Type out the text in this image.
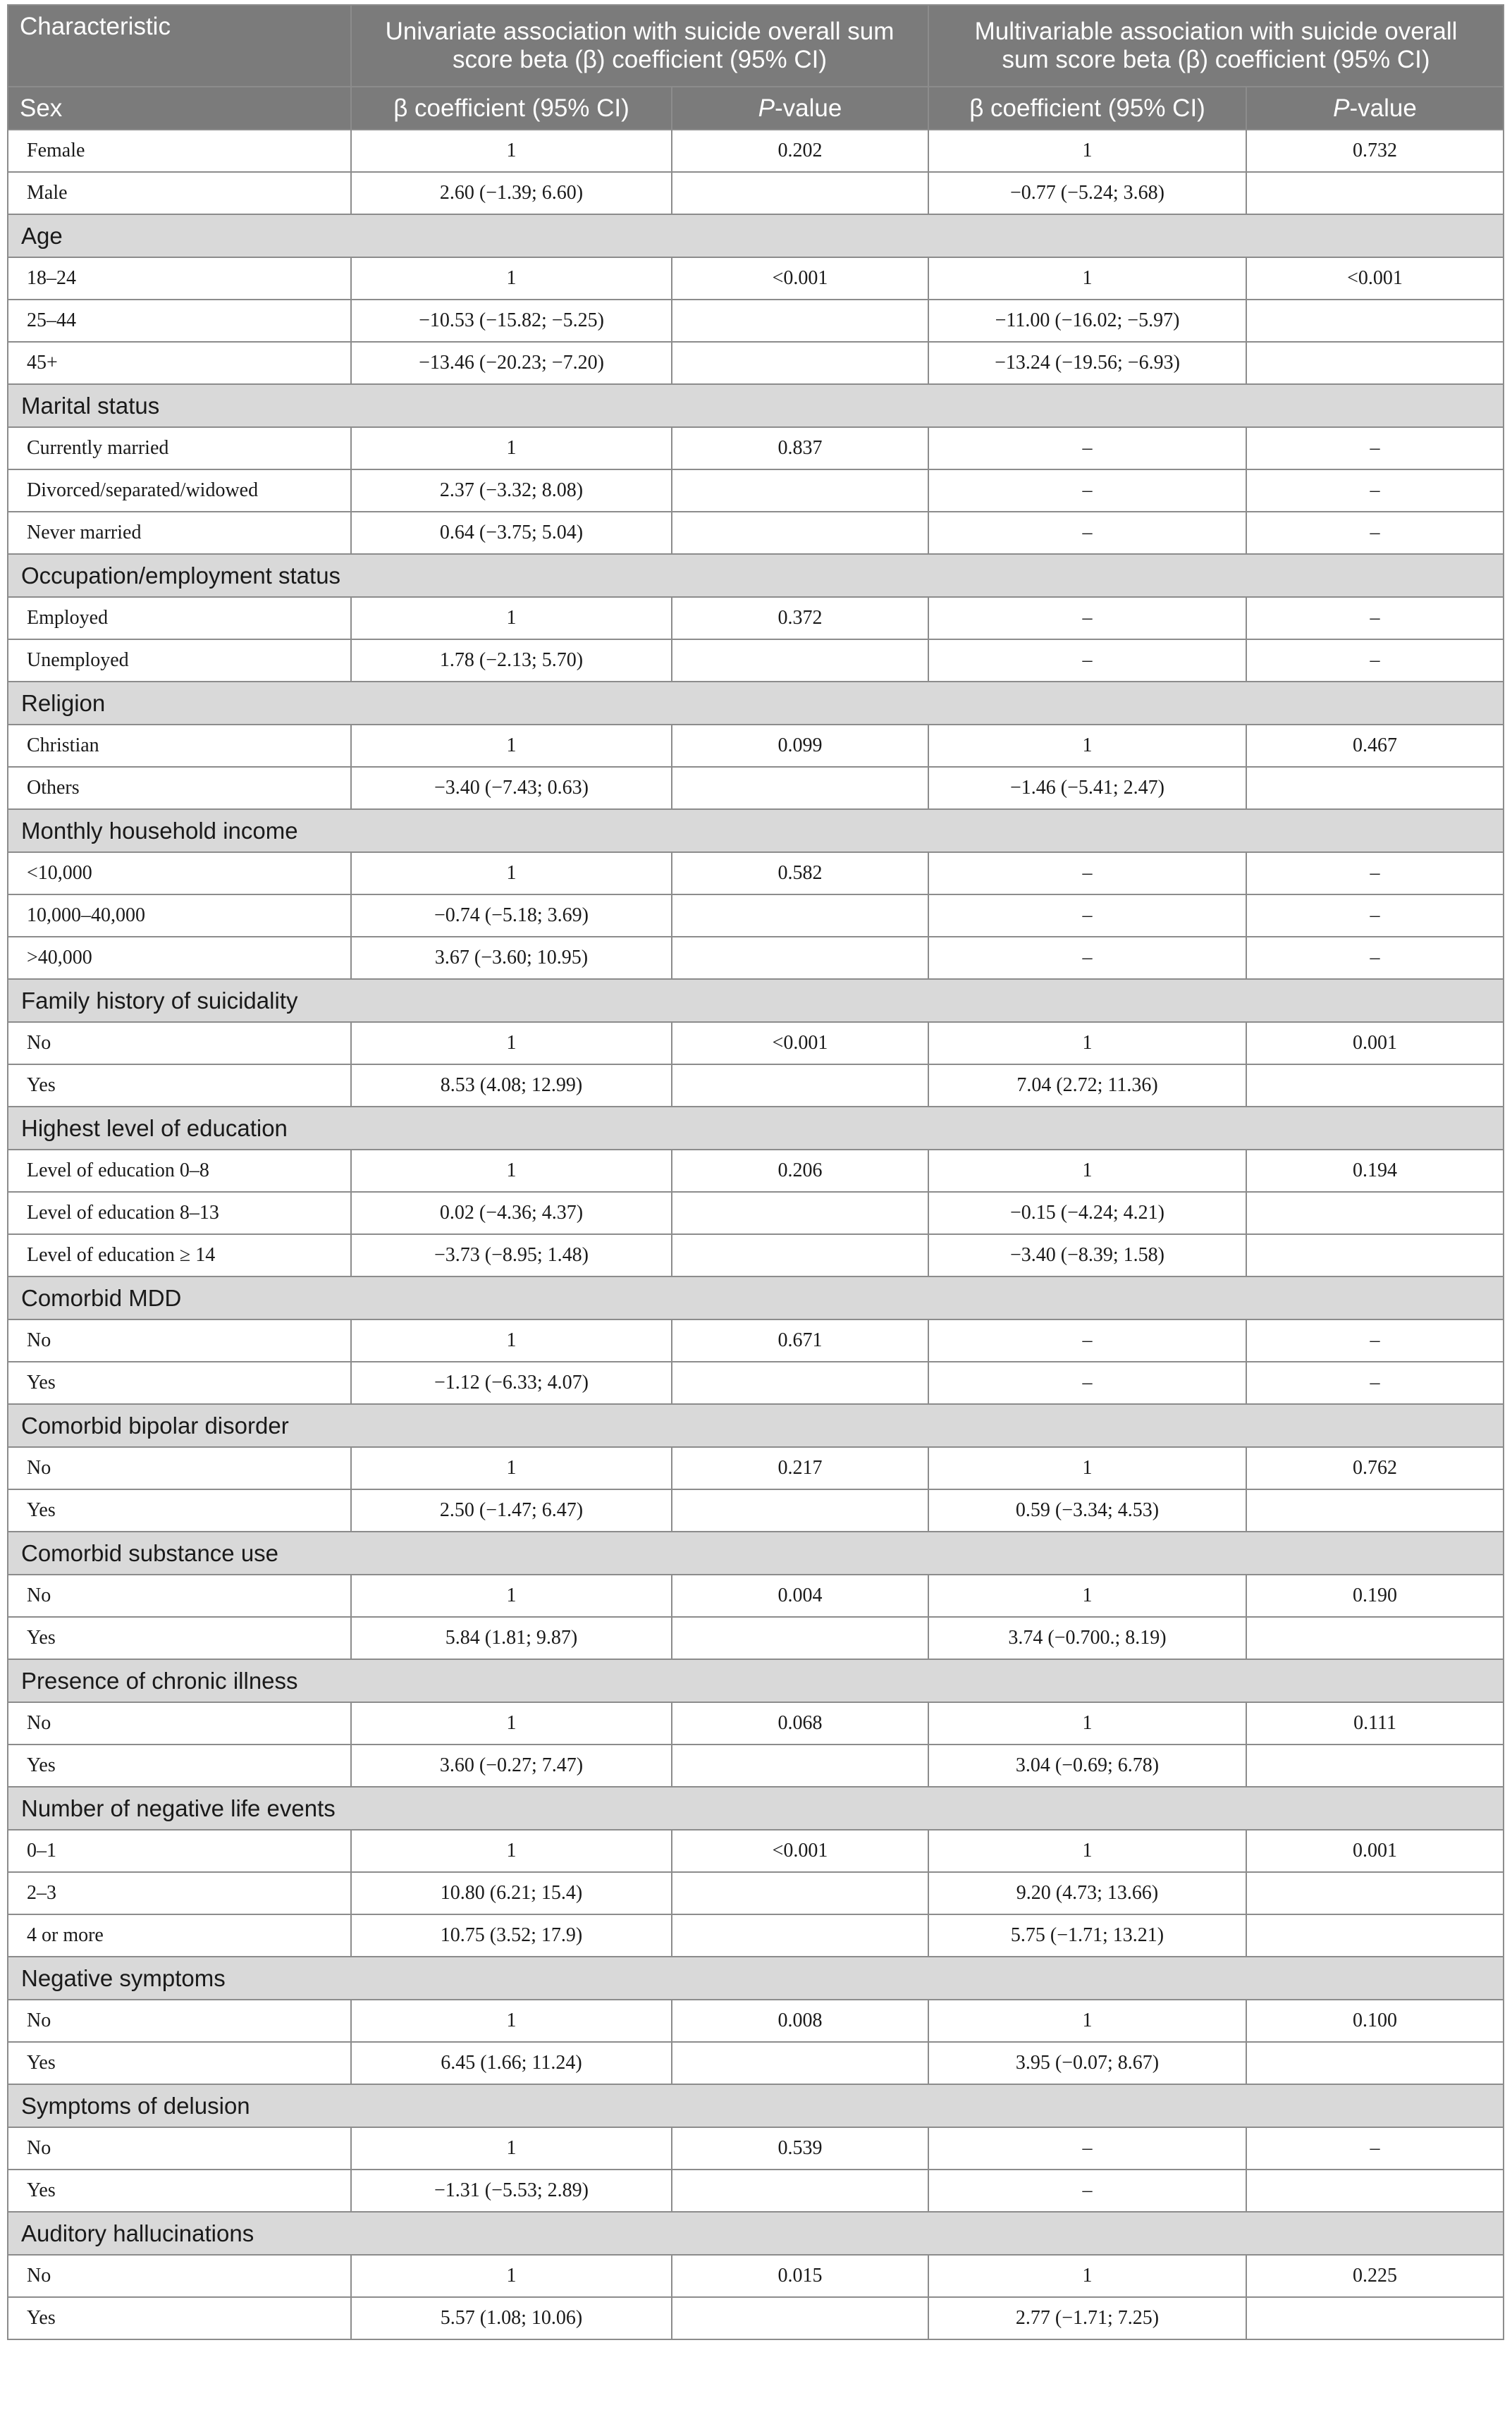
Characteristic	Univariate association with suicide overall sum score beta (β) coefficient (95% CI)		Multivariable association with suicide overall sum score beta (β) coefficient (95% CI)	
Sex	β coefficient (95% CI)	P-value	β coefficient (95% CI)	P-value
Female	1	0.202	1	0.732
Male	2.60 (−1.39; 6.60)		−0.77 (−5.24; 3.68)	
Age				
18–24	1	<0.001	1	<0.001
25–44	−10.53 (−15.82; −5.25)		−11.00 (−16.02; −5.97)	
45+	−13.46 (−20.23; −7.20)		−13.24 (−19.56; −6.93)	
Marital status				
Currently married	1	0.837	–	–
Divorced/separated/widowed	2.37 (−3.32; 8.08)		–	–
Never married	0.64 (−3.75; 5.04)		–	–
Occupation/employment status				
Employed	1	0.372	–	–
Unemployed	1.78 (−2.13; 5.70)		–	–
Religion				
Christian	1	0.099	1	0.467
Others	−3.40 (−7.43; 0.63)		−1.46 (−5.41; 2.47)	
Monthly household income				
<10,000	1	0.582	–	–
10,000–40,000	−0.74 (−5.18; 3.69)		–	–
>40,000	3.67 (−3.60; 10.95)		–	–
Family history of suicidality				
No	1	<0.001	1	0.001
Yes	8.53 (4.08; 12.99)		7.04 (2.72; 11.36)	
Highest level of education				
Level of education 0–8	1	0.206	1	0.194
Level of education 8–13	0.02 (−4.36; 4.37)		−0.15 (−4.24; 4.21)	
Level of education ≥ 14	−3.73 (−8.95; 1.48)		−3.40 (−8.39; 1.58)	
Comorbid MDD				
No	1	0.671	–	–
Yes	−1.12 (−6.33; 4.07)		–	–
Comorbid bipolar disorder				
No	1	0.217	1	0.762
Yes	2.50 (−1.47; 6.47)		0.59 (−3.34; 4.53)	
Comorbid substance use				
No	1	0.004	1	0.190
Yes	5.84 (1.81; 9.87)		3.74 (−0.700.; 8.19)	
Presence of chronic illness				
No	1	0.068	1	0.111
Yes	3.60 (−0.27; 7.47)		3.04 (−0.69; 6.78)	
Number of negative life events				
0–1	1	<0.001	1	0.001
2–3	10.80 (6.21; 15.4)		9.20 (4.73; 13.66)	
4 or more	10.75 (3.52; 17.9)		5.75 (−1.71; 13.21)	
Negative symptoms				
No	1	0.008	1	0.100
Yes	6.45 (1.66; 11.24)		3.95 (−0.07; 8.67)	
Symptoms of delusion				
No	1	0.539	–	–
Yes	−1.31 (−5.53; 2.89)		–	
Auditory hallucinations				
No	1	0.015	1	0.225
Yes	5.57 (1.08; 10.06)		2.77 (−1.71; 7.25)	
